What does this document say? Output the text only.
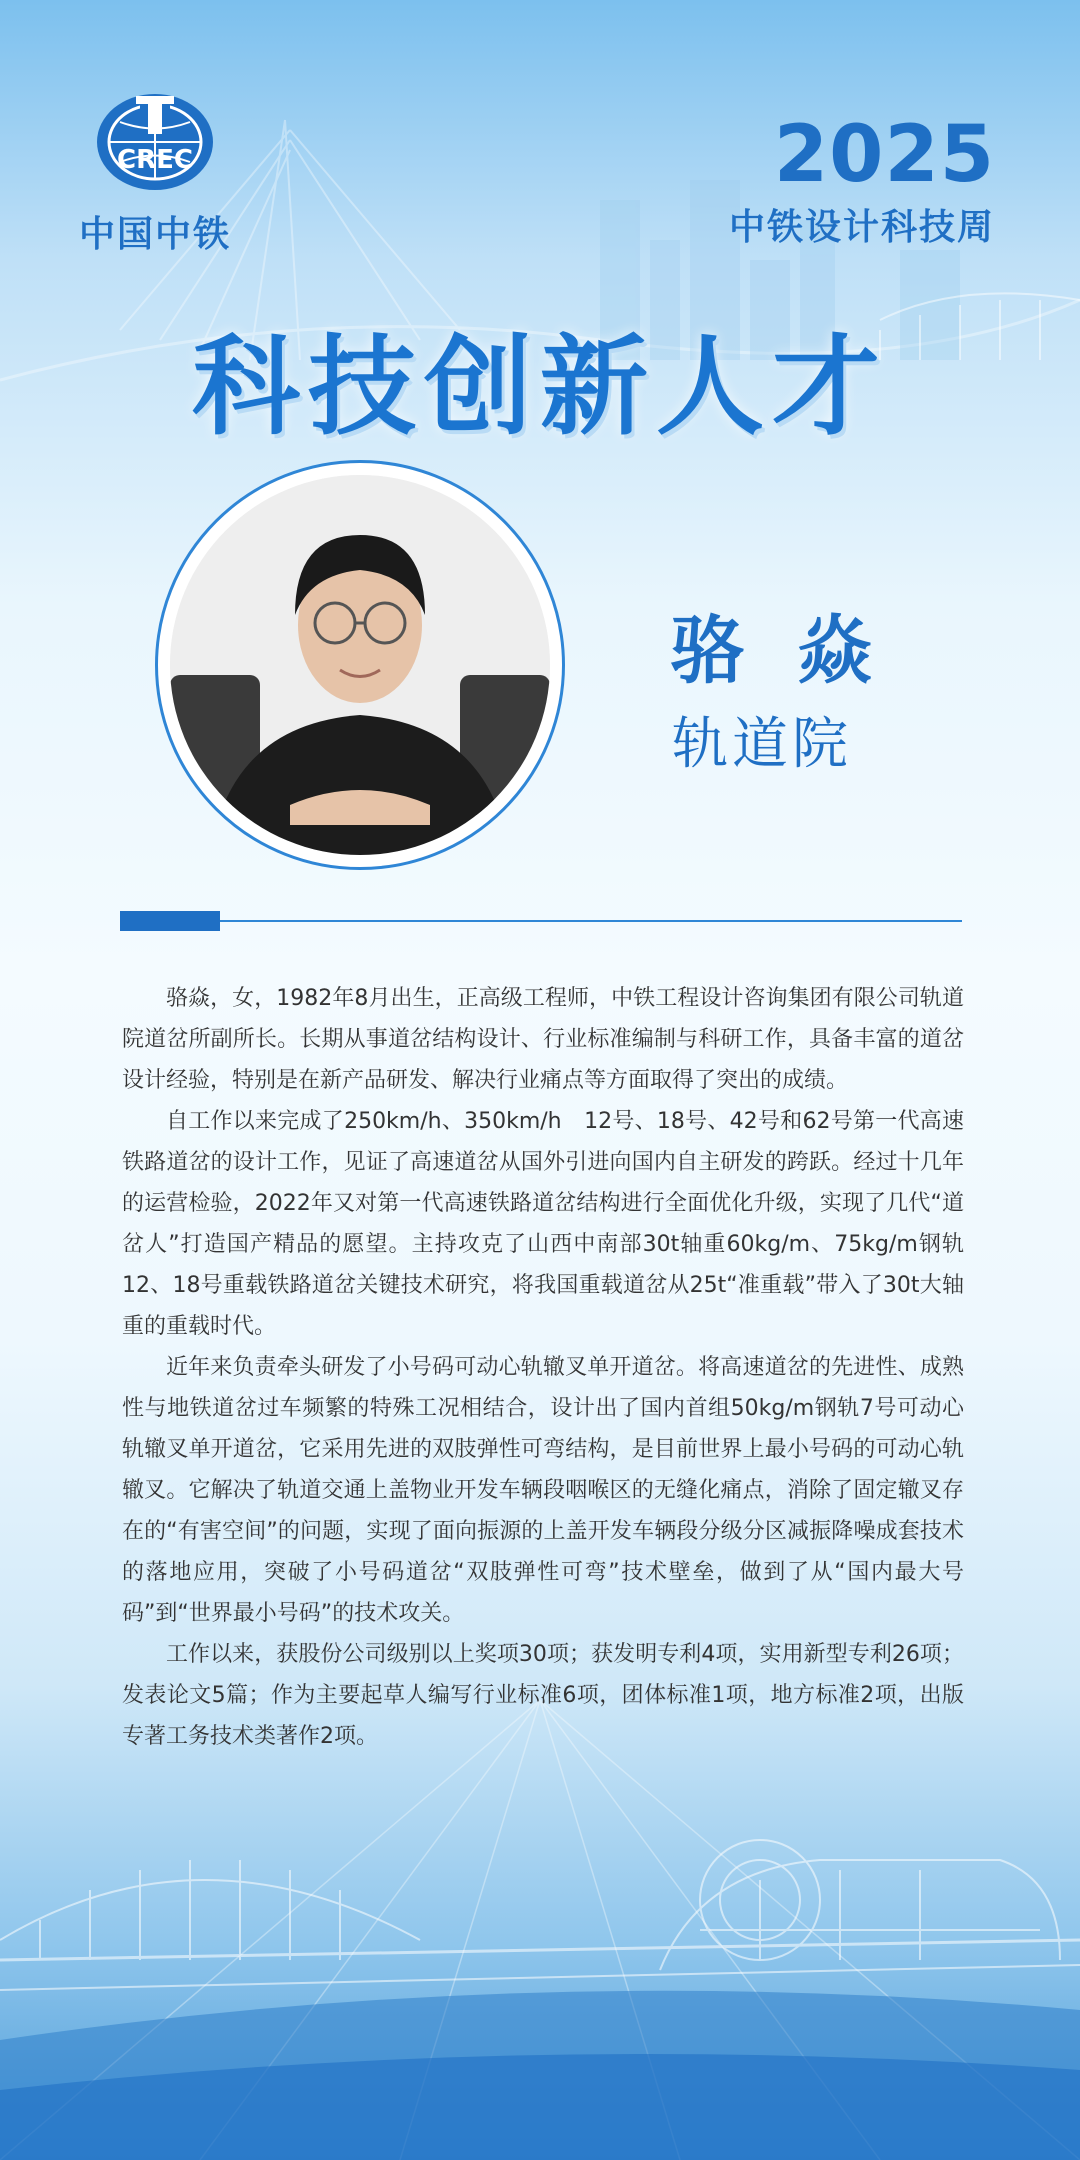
CREC
中国中铁
2025
中铁设计科技周
科技创新人才
骆 焱
轨道院

骆焱，女，1982年8月出生，正高级工程师，中铁工程设计咨询集团有限公司轨道院道岔所副所长。长期从事道岔结构设计、行业标准编制与科研工作，具备丰富的道岔设计经验，特别是在新产品研发、解决行业痛点等方面取得了突出的成绩。

自工作以来完成了250km/h、350km/h　12号、18号、42号和62号第一代高速铁路道岔的设计工作，见证了高速道岔从国外引进向国内自主研发的跨跃。经过十几年的运营检验，2022年又对第一代高速铁路道岔结构进行全面优化升级，实现了几代“道岔人”打造国产精品的愿望。主持攻克了山西中南部30t轴重60kg/m、75kg/m钢轨12、18号重载铁路道岔关键技术研究，将我国重载道岔从25t“准重载”带入了30t大轴重的重载时代。

近年来负责牵头研发了小号码可动心轨辙叉单开道岔。将高速道岔的先进性、成熟性与地铁道岔过车频繁的特殊工况相结合，设计出了国内首组50kg/m钢轨7号可动心轨辙叉单开道岔，它采用先进的双肢弹性可弯结构，是目前世界上最小号码的可动心轨辙叉。它解决了轨道交通上盖物业开发车辆段咽喉区的无缝化痛点，消除了固定辙叉存在的“有害空间”的问题，实现了面向振源的上盖开发车辆段分级分区减振降噪成套技术的落地应用，突破了小号码道岔“双肢弹性可弯”技术壁垒，做到了从“国内最大号码”到“世界最小号码”的技术攻关。

工作以来，获股份公司级别以上奖项30项；获发明专利4项，实用新型专利26项；发表论文5篇；作为主要起草人编写行业标准6项，团体标准1项，地方标准2项，出版专著工务技术类著作2项。
